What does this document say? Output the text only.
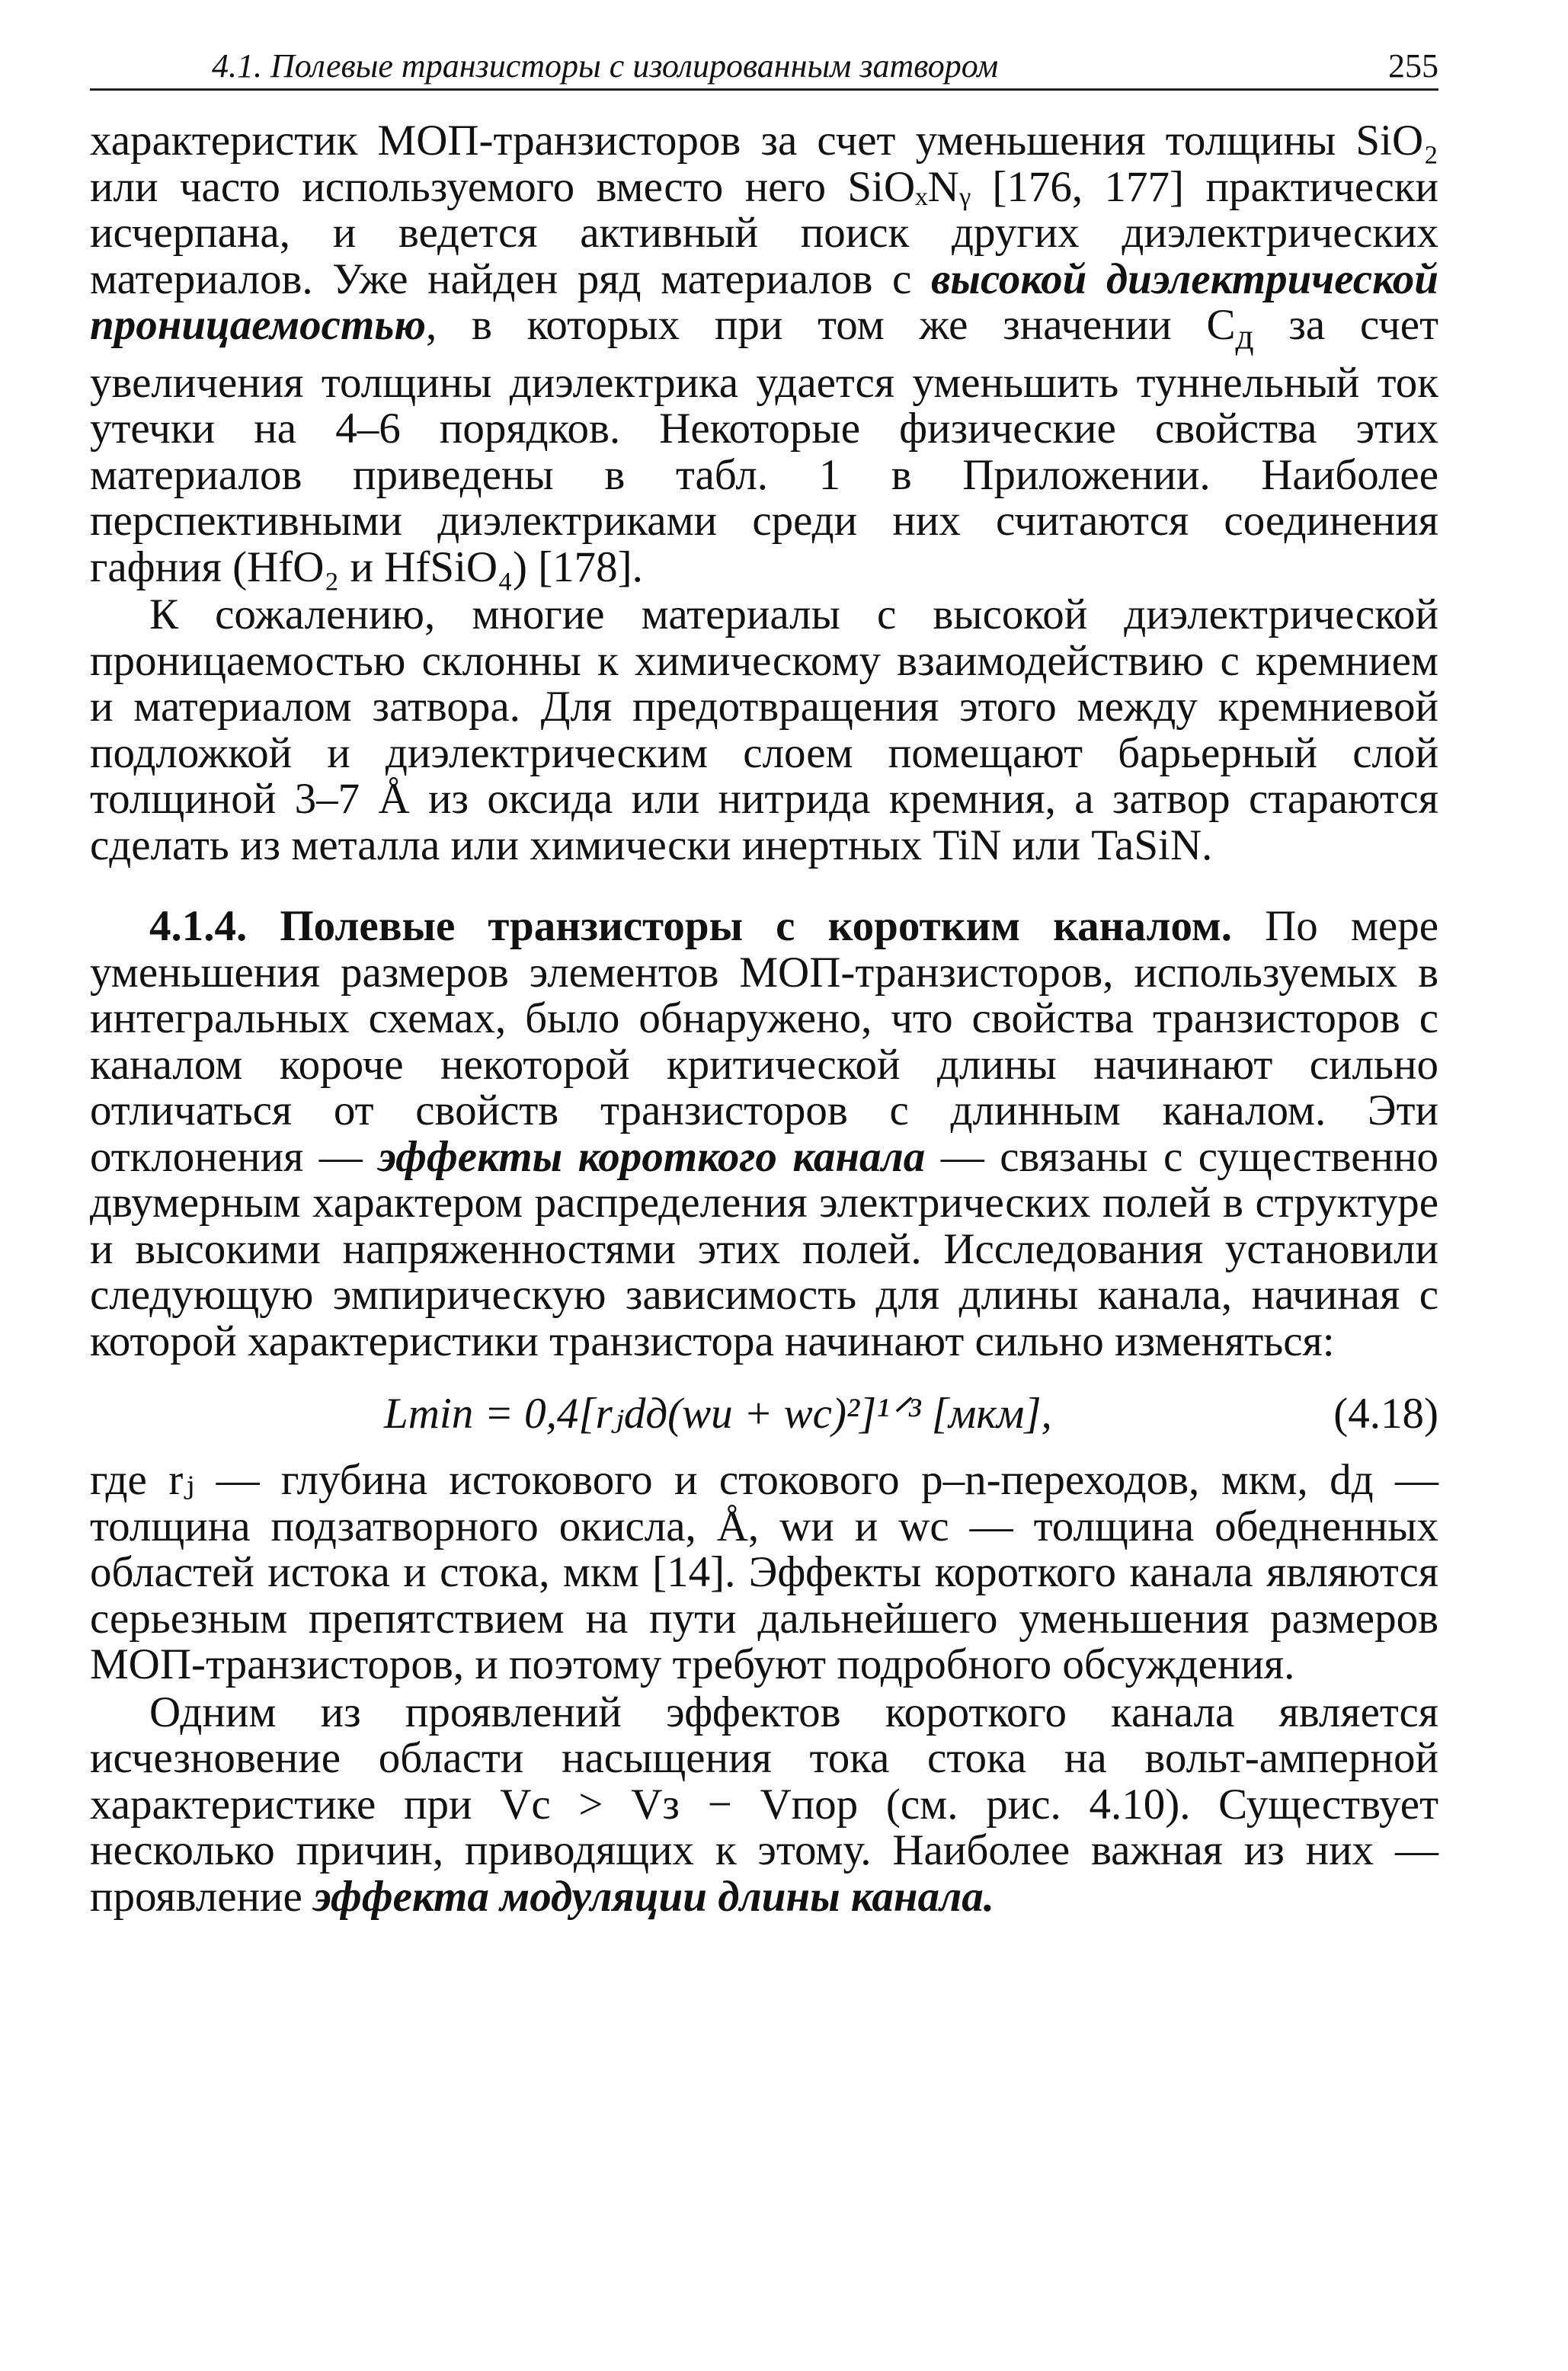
4.1. Полевые транзисторы с изолированным затвором	255

характеристик МОП-транзисторов за счет уменьшения толщины SiO₂ или часто используемого вместо него SiOₓNᵧ [176, 177] практически исчерпана, и ведется активный поиск других диэлектрических материалов. Уже найден ряд материалов с высокой диэлектрической проницаемостью, в которых при том же значении $C_д$ за счет увеличения толщины диэлектрика удается уменьшить туннельный ток утечки на 4–6 порядков. Некоторые физические свойства этих материалов приведены в табл. 1 в Приложении. Наиболее перспективными диэлектриками среди них считаются соединения гафния (HfO₂ и HfSiO₄) [178].

К сожалению, многие материалы с высокой диэлектрической проницаемостью склонны к химическому взаимодействию с кремнием и материалом затвора. Для предотвращения этого между кремниевой подложкой и диэлектрическим слоем помещают барьерный слой толщиной 3–7 Å из оксида или нитрида кремния, а затвор стараются сделать из металла или химически инертных TiN или TaSiN.

4.1.4. Полевые транзисторы с коротким каналом. По мере уменьшения размеров элементов МОП-транзисторов, используемых в интегральных схемах, было обнаружено, что свойства транзисторов с каналом короче некоторой критической длины начинают сильно отличаться от свойств транзисторов с длинным каналом. Эти отклонения — эффекты короткого канала — связаны с существенно двумерным характером распределения электрических полей в структуре и высокими напряженностями этих полей. Исследования установили следующую эмпирическую зависимость для длины канала, начиная с которой характеристики транзистора начинают сильно изменяться:

Lmin = 0,4[rⱼdд(wи + wс)²]¹ᐟ³ [мкм],	(4.18)

где rⱼ — глубина истокового и стокового p–n-переходов, мкм, dд — толщина подзатворного окисла, Å, wи и wс — толщина обедненных областей истока и стока, мкм [14]. Эффекты короткого канала являются серьезным препятствием на пути дальнейшего уменьшения размеров МОП-транзисторов, и поэтому требуют подробного обсуждения.

Одним из проявлений эффектов короткого канала является исчезновение области насыщения тока стока на вольт-амперной характеристике при Vс > Vз − Vпор (см. рис. 4.10). Существует несколько причин, приводящих к этому. Наиболее важная из них — проявление эффекта модуляции длины канала.
